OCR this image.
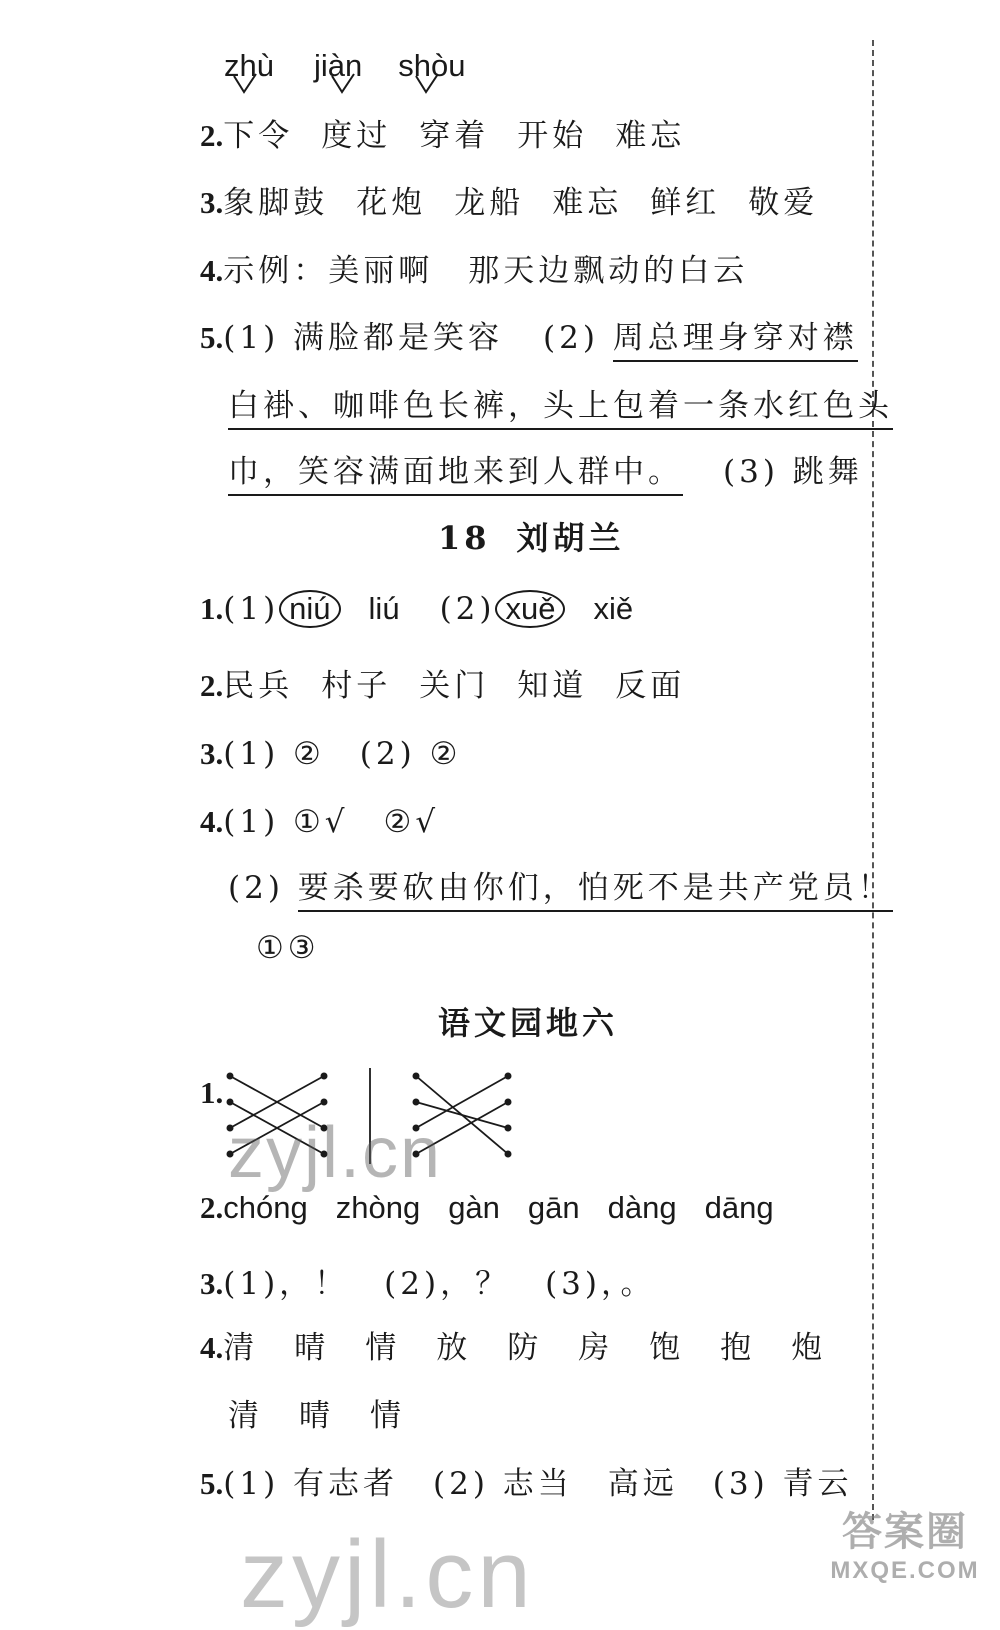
zhù jiàn shòu
2.下令 度过 穿着 开始 难忘
3.象脚鼓 花炮 龙船 难忘 鲜红 敬爱
4.示例：美丽啊　那天边飘动的白云
5.(1) 满脸都是笑容 (2) 周总理身穿对襟
白褂、咖啡色长裤，头上包着一条水红色头
巾，笑容满面地来到人群中。 (3) 跳舞
18 刘胡兰
1.(1) niú liú (2) xuě xiě
2.民兵 村子 关门 知道 反面
3.(1) ②　(2) ②
4.(1) ①√　②√
(2) 要杀要砍由你们，怕死不是共产党员！
①③
语文园地六
1.
zyjl.cn
2.chóng zhòng gàn gān dàng dāng
3.(1)，！　(2)，？　(3)，。
4.清 晴 情 放 防 房 饱 抱 炮
清 晴 情
5.(1) 有志者　(2) 志当　高远　(3) 青云
zyjl.cn	答案圈
MXQE.COM
